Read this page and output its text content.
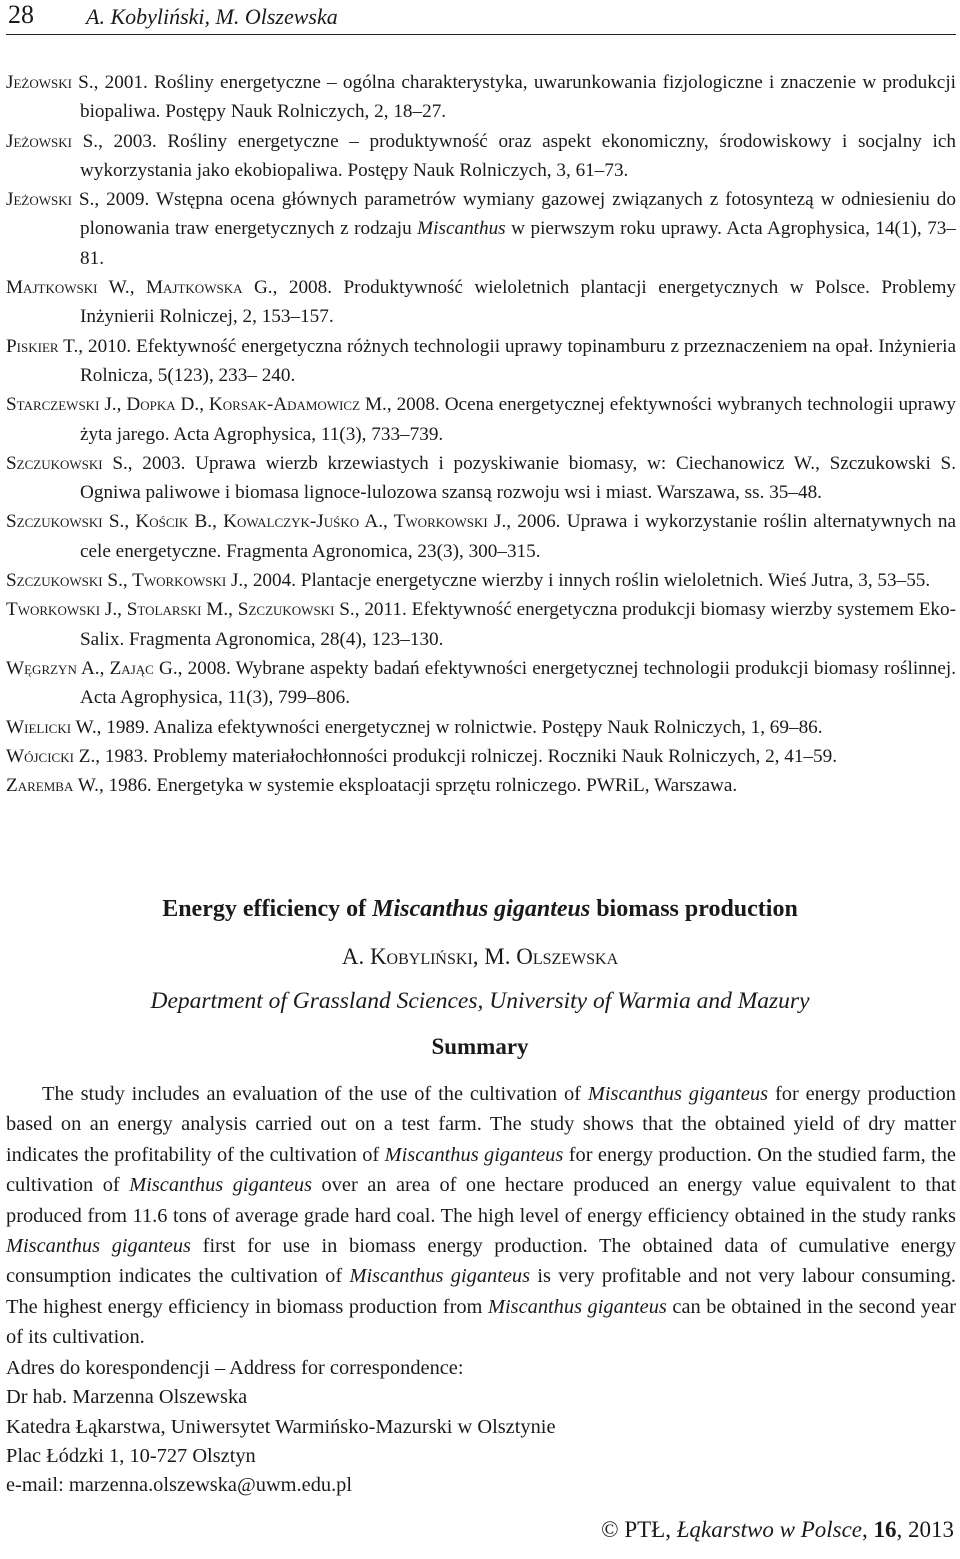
28 A. Kobyliński, M. Olszewska
Jeżowski S., 2001. Rośliny energetyczne – ogólna charakterystyka, uwarunkowania fizjologiczne i znaczenie w produkcji biopaliwa. Postępy Nauk Rolniczych, 2, 18–27.
Jeżowski S., 2003. Rośliny energetyczne – produktywność oraz aspekt ekonomiczny, środowiskowy i socjalny ich wykorzystania jako ekobiopaliwa. Postępy Nauk Rolniczych, 3, 61–73.
Jeżowski S., 2009. Wstępna ocena głównych parametrów wymiany gazowej związanych z fotosyntezą w odniesieniu do plonowania traw energetycznych z rodzaju Miscanthus w pierwszym roku uprawy. Acta Agrophysica, 14(1), 73–81.
Majtkowski W., Majtkowska G., 2008. Produktywność wieloletnich plantacji energetycznych w Polsce. Problemy Inżynierii Rolniczej, 2, 153–157.
Piskier T., 2010. Efektywność energetyczna różnych technologii uprawy topinamburu z przeznaczeniem na opał. Inżynieria Rolnicza, 5(123), 233– 240.
Starczewski J., Dopka D., Korsak-Adamowicz M., 2008. Ocena energetycznej efektywności wybranych technologii uprawy żyta jarego. Acta Agrophysica, 11(3), 733–739.
Szczukowski S., 2003. Uprawa wierzb krzewiastych i pozyskiwanie biomasy, w: Ciechanowicz W., Szczukowski S. Ogniwa paliwowe i biomasa lignoce-lulozowa szansą rozwoju wsi i miast. Warszawa, ss. 35–48.
Szczukowski S., Kościk B., Kowalczyk-Juśko A., Tworkowski J., 2006. Uprawa i wykorzystanie roślin alternatywnych na cele energetyczne. Fragmenta Agronomica, 23(3), 300–315.
Szczukowski S., Tworkowski J., 2004. Plantacje energetyczne wierzby i innych roślin wieloletnich. Wieś Jutra, 3, 53–55.
Tworkowski J., Stolarski M., Szczukowski S., 2011. Efektywność energetyczna produkcji biomasy wierzby systemem Eko-Salix. Fragmenta Agronomica, 28(4), 123–130.
Węgrzyn A., Zając G., 2008. Wybrane aspekty badań efektywności energetycznej technologii produkcji biomasy roślinnej. Acta Agrophysica, 11(3), 799–806.
Wielicki W., 1989. Analiza efektywności energetycznej w rolnictwie. Postępy Nauk Rolniczych, 1, 69–86.
Wójcicki Z., 1983. Problemy materiałochłonności produkcji rolniczej. Roczniki Nauk Rolniczych, 2, 41–59.
Zaremba W., 1986. Energetyka w systemie eksploatacji sprzętu rolniczego. PWRiL, Warszawa.
Energy efficiency of Miscanthus giganteus biomass production
A. Kobyliński, M. Olszewska
Department of Grassland Sciences, University of Warmia and Mazury
Summary
The study includes an evaluation of the use of the cultivation of Miscanthus giganteus for energy production based on an energy analysis carried out on a test farm. The study shows that the obtained yield of dry matter indicates the profitability of the cultivation of Miscanthus giganteus for energy production. On the studied farm, the cultivation of Miscanthus giganteus over an area of one hectare produced an energy value equivalent to that produced from 11.6 tons of average grade hard coal. The high level of energy efficiency obtained in the study ranks Miscanthus giganteus first for use in biomass energy production. The obtained data of cumulative energy consumption indicates the cultivation of Miscanthus giganteus is very profitable and not very labour consuming. The highest energy efficiency in biomass production from Miscanthus giganteus can be obtained in the second year of its cultivation.
Adres do korespondencji – Address for correspondence:
Dr hab. Marzenna Olszewska
Katedra Łąkarstwa, Uniwersytet Warmińsko-Mazurski w Olsztynie
Plac Łódzki 1, 10-727 Olsztyn
e-mail: marzenna.olszewska@uwm.edu.pl
© PTŁ, Łąkarstwo w Polsce, 16, 2013
